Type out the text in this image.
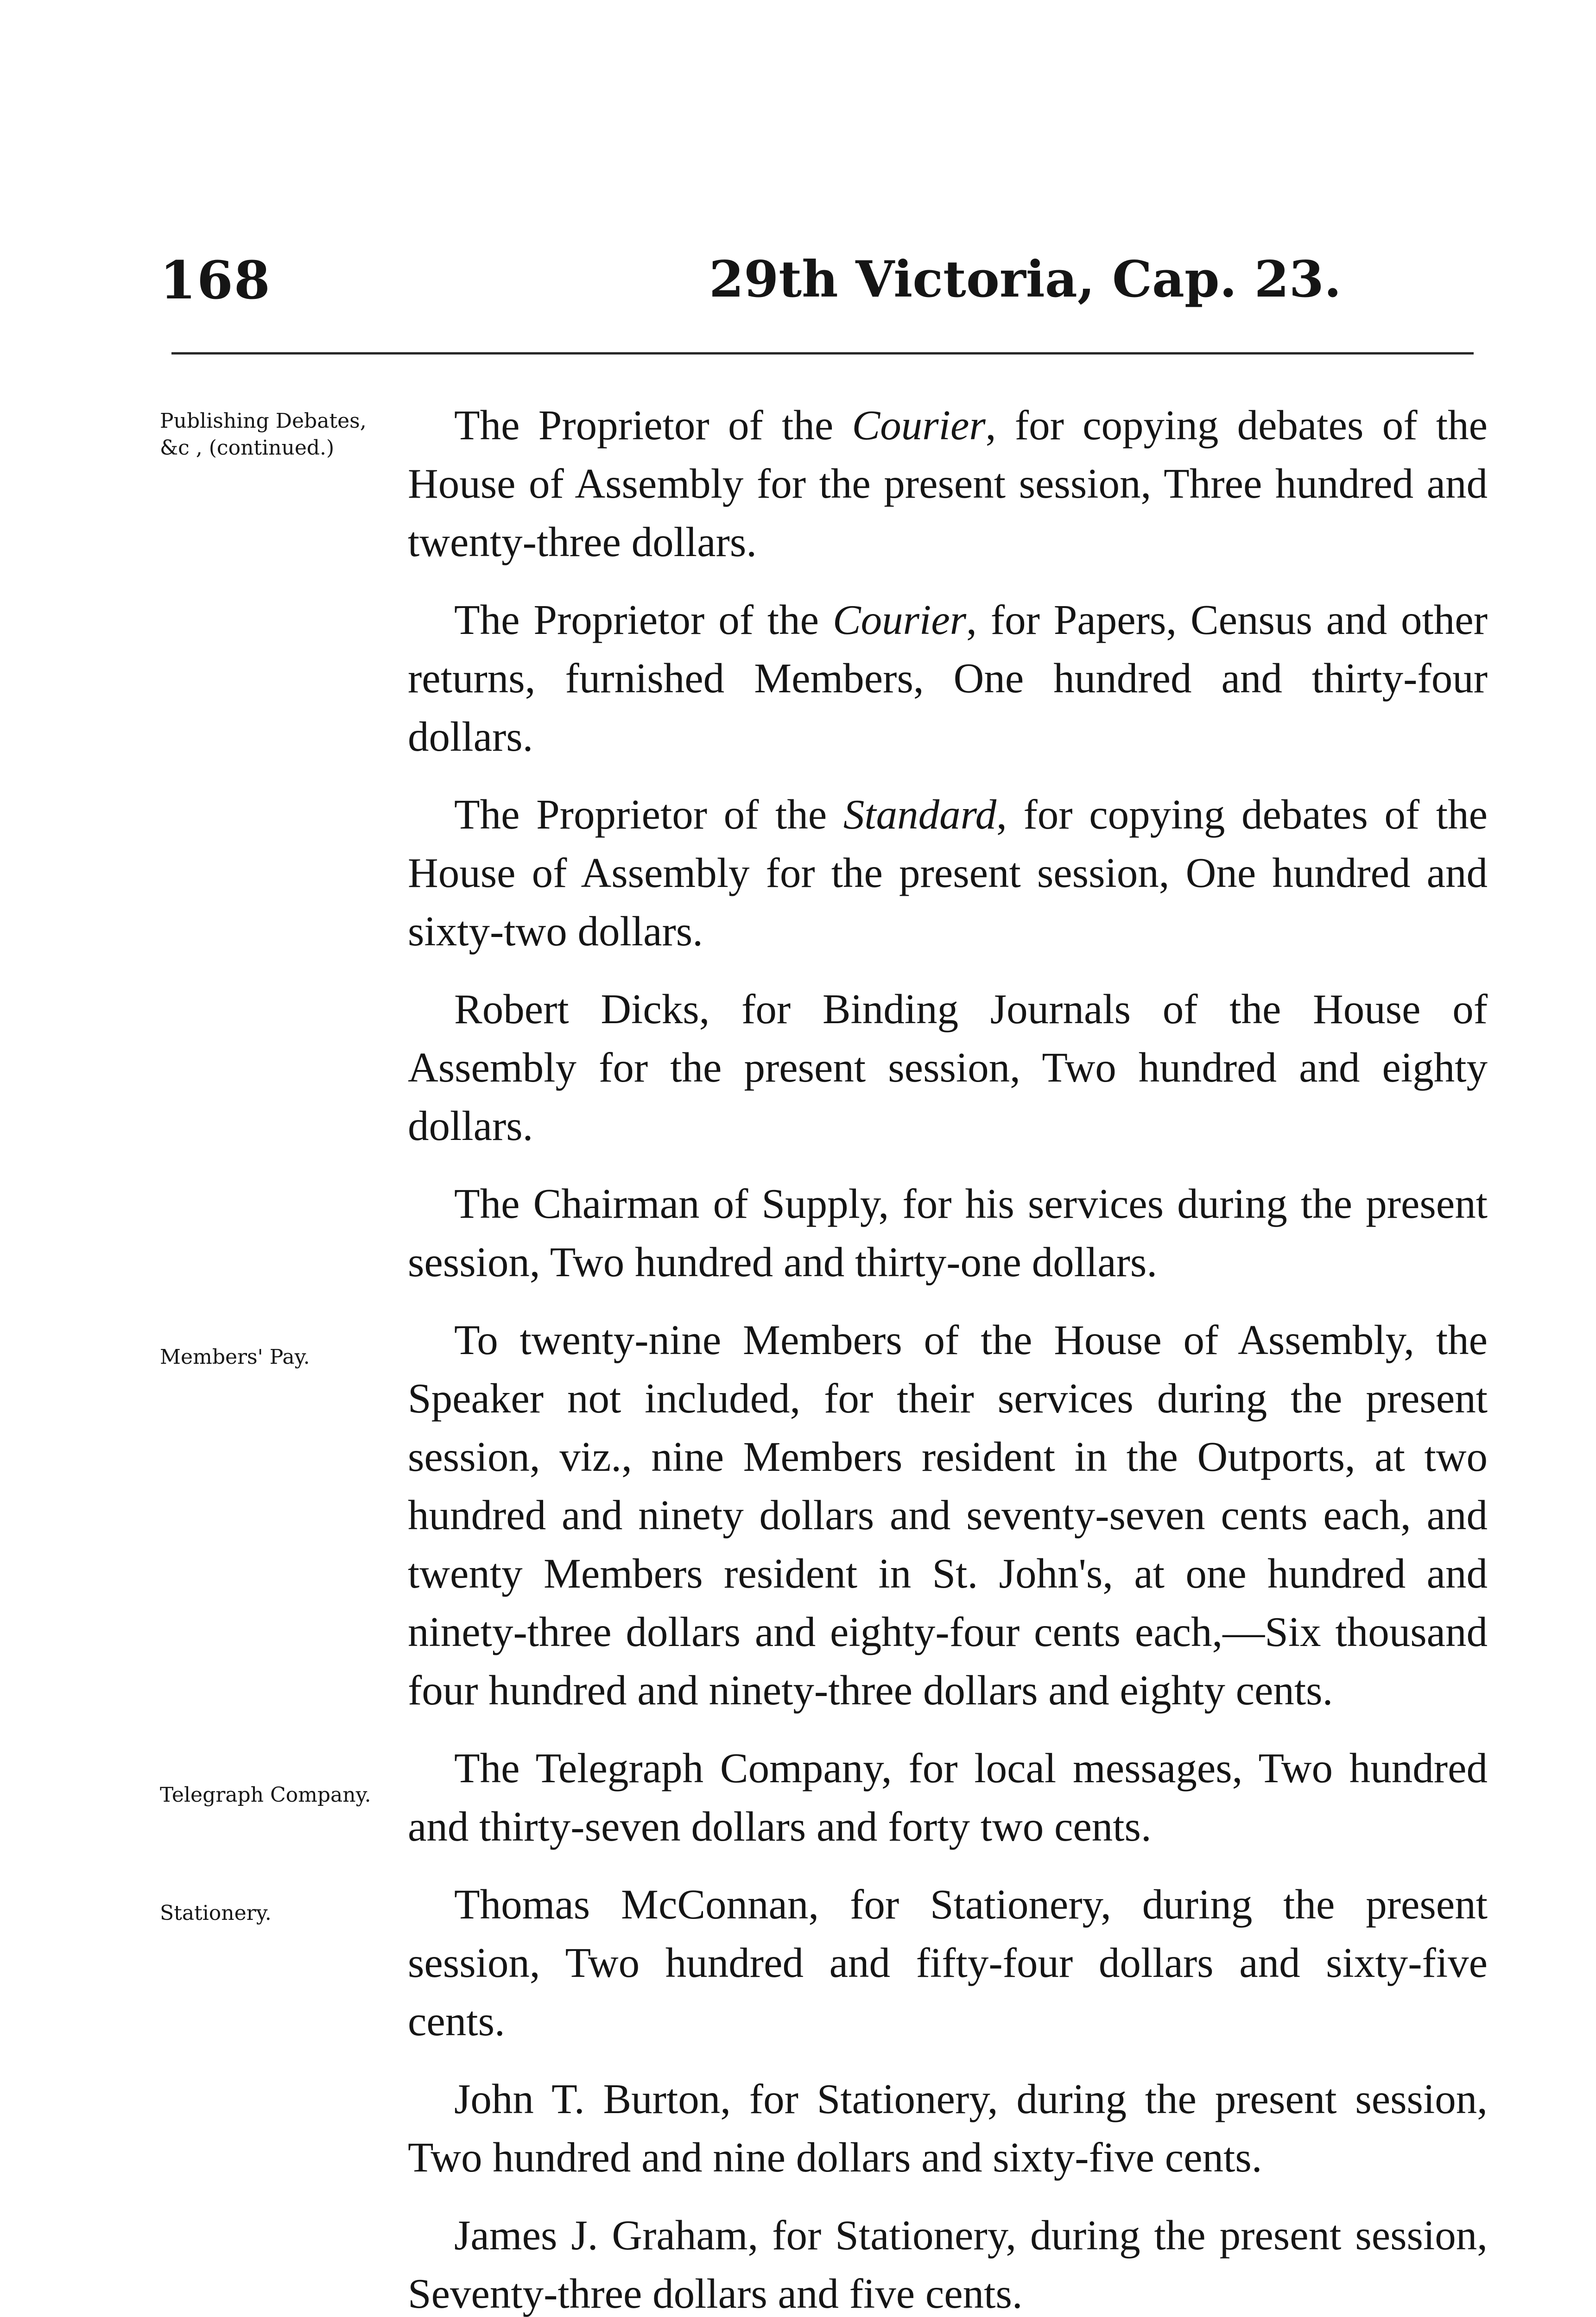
168	29th Victoria, Cap. 23.
Publishing Debates, &c , (continued.)
Members' Pay.
Telegraph Company.
Stationery.

The Proprietor of the Courier, for copying debates of the House of Assembly for the present session, Three hundred and twenty-three dollars.

The Proprietor of the Courier, for Papers, Census and other returns, furnished Members, One hundred and thirty-four dollars.

The Proprietor of the Standard, for copying debates of the House of Assembly for the present session, One hundred and sixty-two dollars.

Robert Dicks, for Binding Journals of the House of Assembly for the present session, Two hundred and eighty dollars.

The Chairman of Supply, for his services during the present session, Two hundred and thirty-one dollars.

To twenty-nine Members of the House of Assembly, the Speaker not included, for their services during the present session, viz., nine Members resident in the Outports, at two hundred and ninety dollars and seventy-seven cents each, and twenty Members resident in St. John's, at one hundred and ninety-three dollars and eighty-four cents each,—Six thousand four hundred and ninety-three dollars and eighty cents.

The Telegraph Company, for local messages, Two hundred and thirty-seven dollars and forty two cents.

Thomas McConnan, for Stationery, during the present session, Two hundred and fifty-four dollars and sixty-five cents.

John T. Burton, for Stationery, during the present session, Two hundred and nine dollars and sixty-five cents.

James J. Graham, for Stationery, during the present session, Seventy-three dollars and five cents.
